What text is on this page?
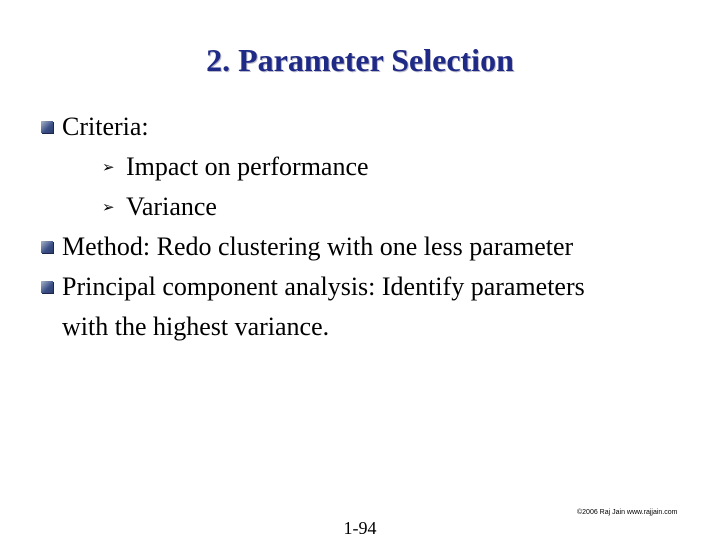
2. Parameter Selection
Criteria:
➢ Impact on performance
➢ Variance
Method: Redo clustering with one less parameter
Principal component analysis: Identify parameters
with the highest variance.
©2006 Raj Jain www.rajjain.com
1-94
